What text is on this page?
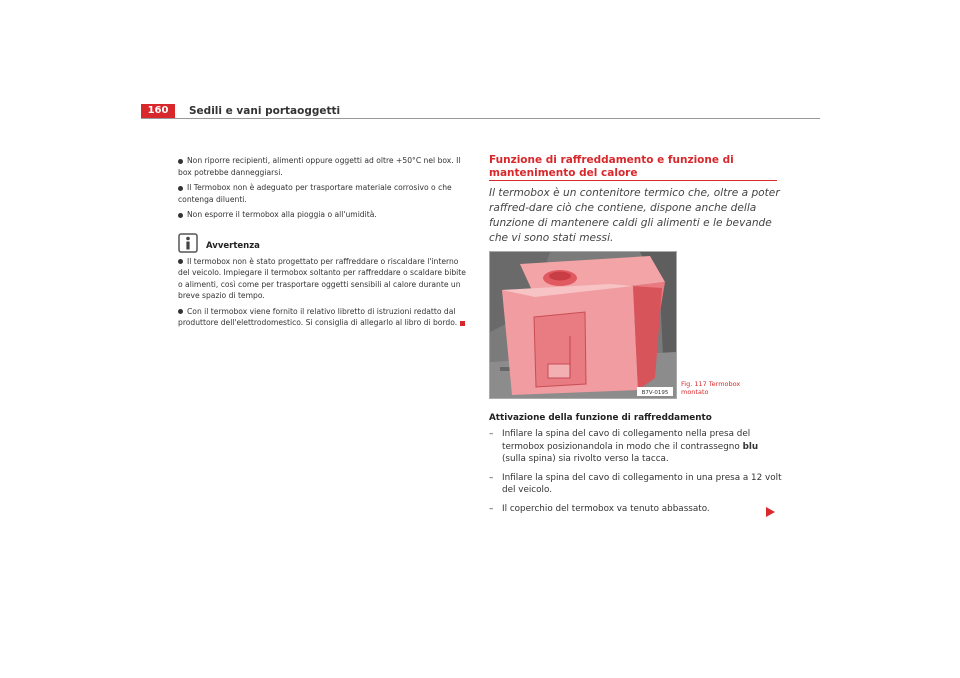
160	Sedili e vani portaoggetti

Non riporre recipienti, alimenti oppure oggetti ad oltre +50°C nel box. Il box potrebbe danneggiarsi.

Il Termobox non è adeguato per trasportare materiale corrosivo o che contenga diluenti.

Non esporre il termobox alla pioggia o all'umidità.

Avvertenza

Il termobox non è stato progettato per raffreddare o riscaldare l'interno del veicolo. Impiegare il termobox soltanto per raffreddare o scaldare bibite o alimenti, così come per trasportare oggetti sensibili al calore durante un breve spazio di tempo.

Con il termobox viene fornito il relativo libretto di istruzioni redatto dal produttore dell'elettrodomestico. Si consiglia di allegarlo al libro di bordo.

Funzione di raffreddamento e funzione di mantenimento del calore
Il termobox è un contenitore termico che, oltre a poter raffred-dare ciò che contiene, dispone anche della funzione di mantenere caldi gli alimenti e le bevande che vi sono stati messi.
B7V-0195
Fig. 117 Termobox
montato
Attivazione della funzione di raffreddamento
– Infilare la spina del cavo di collegamento nella presa del termobox posizionandola in modo che il contrassegno blu (sulla spina) sia rivolto verso la tacca.
– Infilare la spina del cavo di collegamento in una presa a 12 volt del veicolo.
– Il coperchio del termobox va tenuto abbassato.
